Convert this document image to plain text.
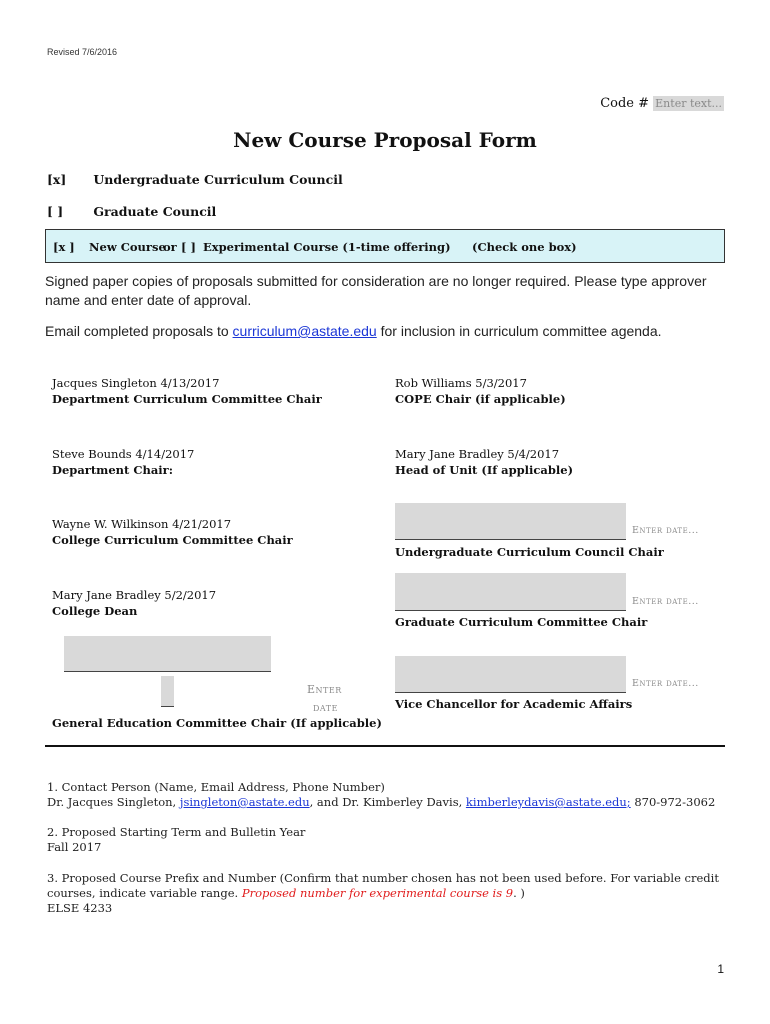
Revised 7/6/2016
Code # Enter text...
New Course Proposal Form
[x] Undergraduate Curriculum Council
[ ] Graduate Council
[x ] New Course
or [ ] Experimental Course (1-time offering) (Check one box)
Signed paper copies of proposals submitted for consideration are no longer required. Please type approver name and enter date of approval.
Email completed proposals to curriculum@astate.edu for inclusion in curriculum committee agenda.
Jacques Singleton 4/13/2017
Department Curriculum Committee Chair
Steve Bounds 4/14/2017
Department Chair:
Wayne W. Wilkinson 4/21/2017
College Curriculum Committee Chair
Mary Jane Bradley 5/2/2017
College Dean
Enter
date
General Education Committee Chair (If applicable)
Rob Williams 5/3/2017
COPE Chair (if applicable)
Mary Jane Bradley 5/4/2017
Head of Unit (If applicable)
Enter date...
Undergraduate Curriculum Council Chair
Enter date...
Graduate Curriculum Committee Chair
Enter date...
Vice Chancellor for Academic Affairs
1. Contact Person (Name, Email Address, Phone Number)
Dr. Jacques Singleton, jsingleton@astate.edu, and Dr. Kimberley Davis, kimberleydavis@astate.edu; 870-972-3062
2. Proposed Starting Term and Bulletin Year
Fall 2017
3. Proposed Course Prefix and Number (Confirm that number chosen has not been used before. For variable credit courses, indicate variable range. Proposed number for experimental course is 9. )
ELSE 4233
1
